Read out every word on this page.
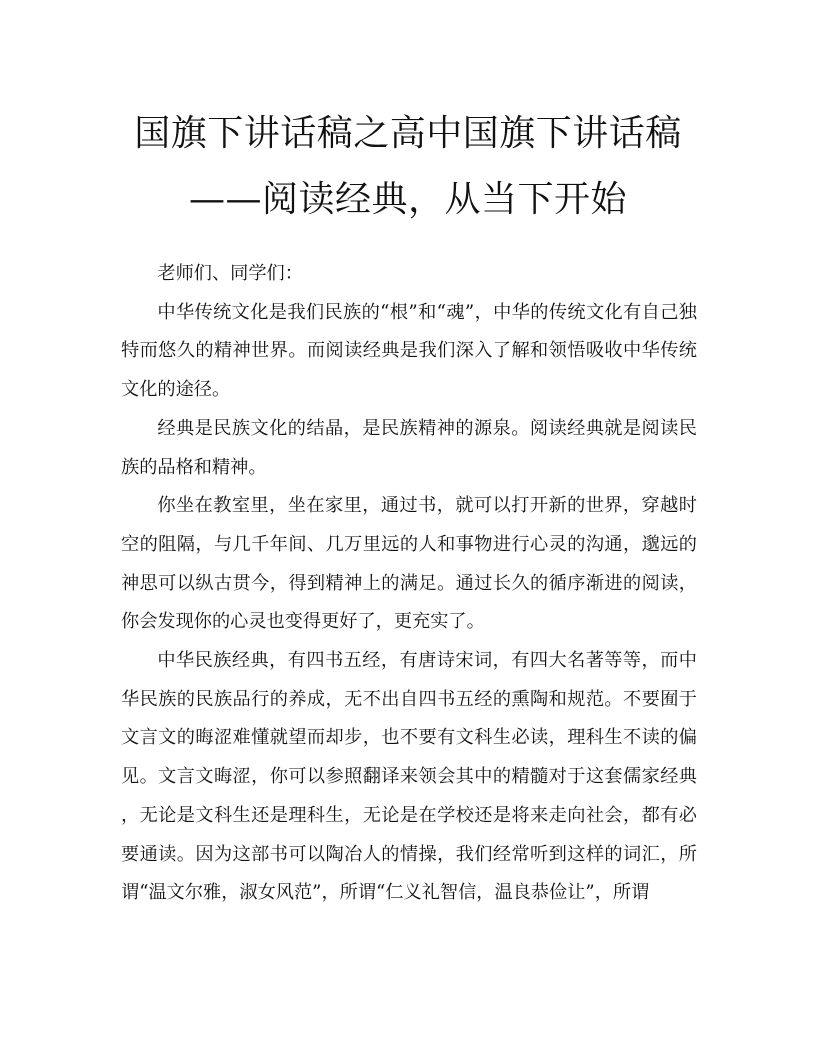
国旗下讲话稿之高中国旗下讲话稿
——阅读经典，从当下开始

老师们、同学们：

中华传统文化是我们民族的“根”和“魂”，中华的传统文化有自己独特而悠久的精神世界。而阅读经典是我们深入了解和领悟吸收中华传统文化的途径。

经典是民族文化的结晶，是民族精神的源泉。阅读经典就是阅读民族的品格和精神。

你坐在教室里，坐在家里，通过书，就可以打开新的世界，穿越时空的阻隔，与几千年间、几万里远的人和事物进行心灵的沟通，邈远的神思可以纵古贯今，得到精神上的满足。通过长久的循序渐进的阅读，你会发现你的心灵也变得更好了，更充实了。

中华民族经典，有四书五经，有唐诗宋词，有四大名著等等，而中华民族的民族品行的养成，无不出自四书五经的熏陶和规范。不要囿于文言文的晦涩难懂就望而却步，也不要有文科生必读，理科生不读的偏见。文言文晦涩，你可以参照翻译来领会其中的精髓对于这套儒家经典，无论是文科生还是理科生，无论是在学校还是将来走向社会，都有必要通读。因为这部书可以陶冶人的情操，我们经常听到这样的词汇，所谓“温文尔雅，淑女风范”，所谓“仁义礼智信，温良恭俭让”，所谓
